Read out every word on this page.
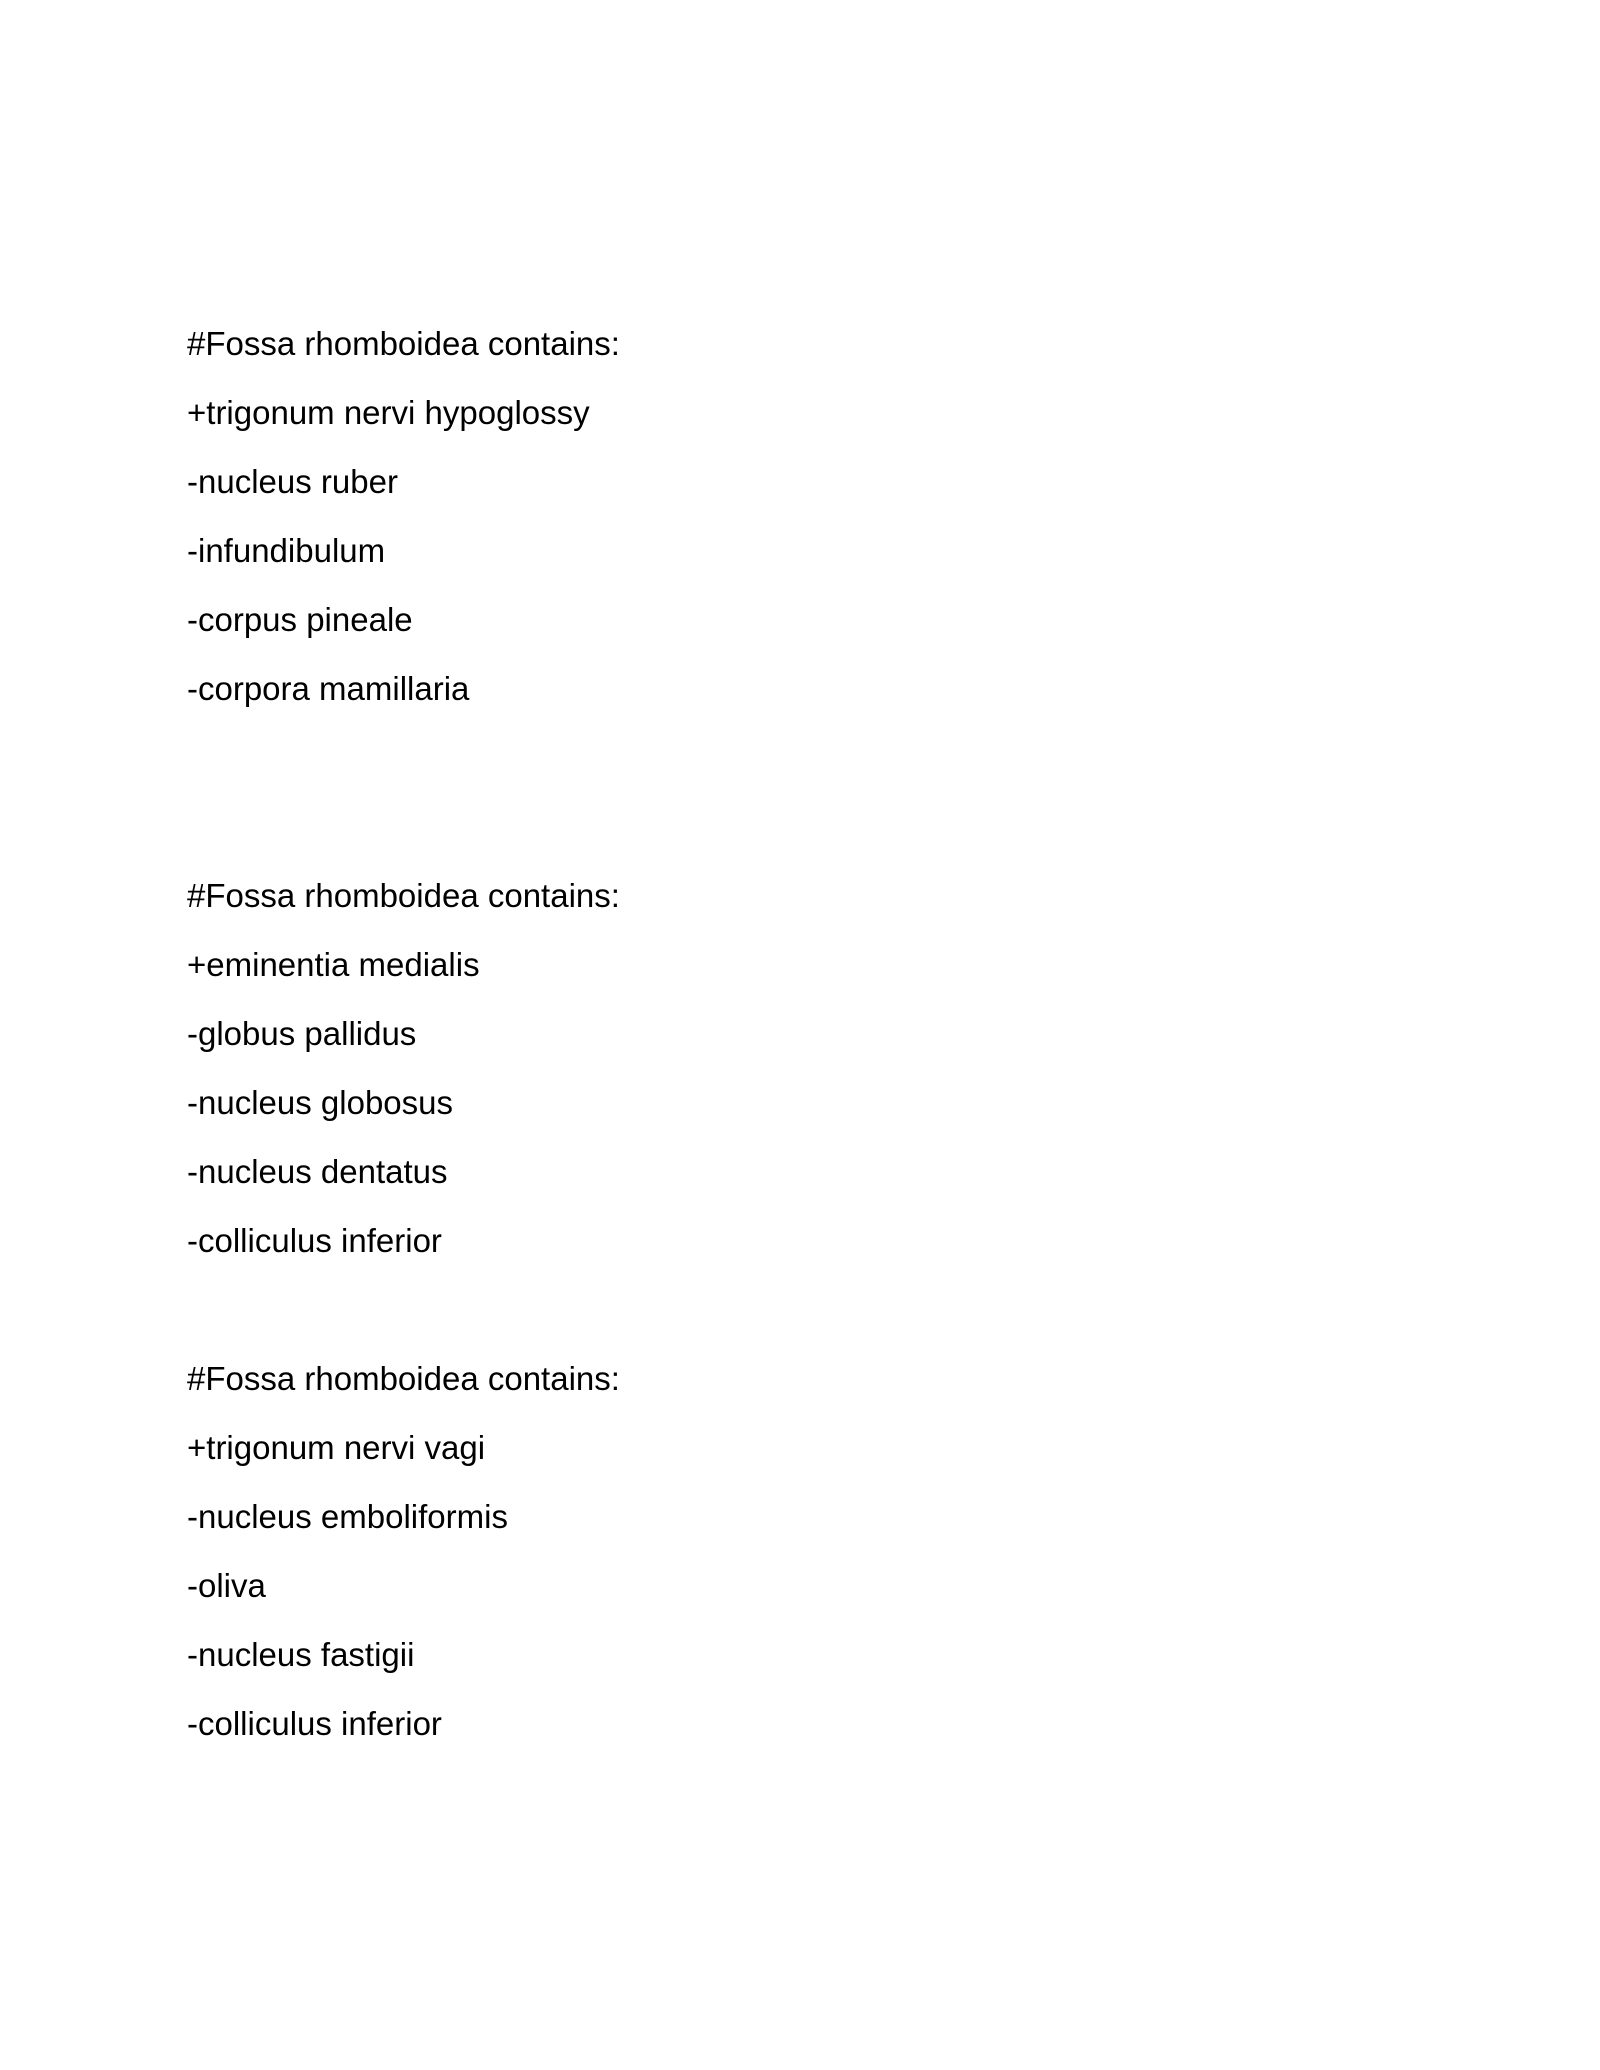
#Fossa rhomboidea contains:
+trigonum nervi hypoglossy
-nucleus ruber
-infundibulum
-corpus pineale
-corpora mamillaria
#Fossa rhomboidea contains:
+eminentia medialis
-globus pallidus
-nucleus globosus
-nucleus dentatus
-colliculus inferior
#Fossa rhomboidea contains:
+trigonum nervi vagi
-nucleus emboliformis
-oliva
-nucleus fastigii
-colliculus inferior
